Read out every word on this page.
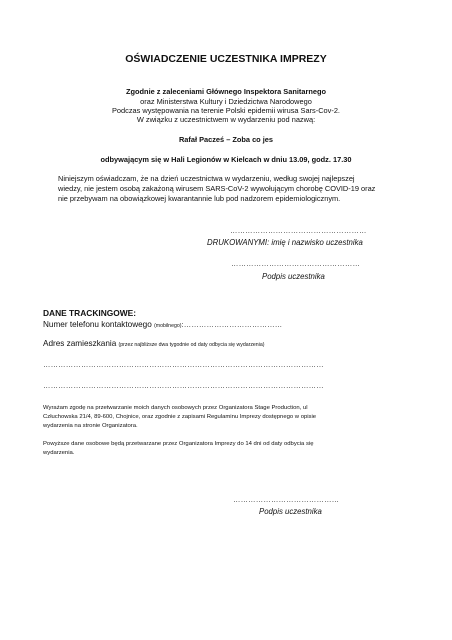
OŚWIADCZENIE UCZESTNIKA IMPREZY
Zgodnie z zaleceniami Głównego Inspektora Sanitarnego
oraz Ministerstwa Kultury i Dziedzictwa Narodowego
Podczas występowania na terenie Polski epidemii wirusa Sars-Cov-2.
W związku z uczestnictwem w wydarzeniu pod nazwą:
Rafał Pacześ – Zoba co jes
odbywającym się w Hali Legionów w Kielcach w dniu 13.09, godz. 17.30
Niniejszym oświadczam, że na dzień uczestnictwa w wydarzeniu, według swojej najlepszej
wiedzy, nie jestem osobą zakażoną wirusem SARS-CoV-2 wywołującym chorobę COVID-19 oraz
nie przebywam na obowiązkowej kwarantannie lub pod nadzorem epidemiologicznym.
………………………………………………
DRUKOWANYMI: imię i nazwisko uczestnika
……………………………………………
Podpis uczestnika
DANE TRACKINGOWE:
Numer telefonu kontaktowego (mobilnego):…………………………………
Adres zamieszkania (przez najbliższe dwa tygodnie od daty odbycia się wydarzenia)
…………………………………………………………………………………………………
…………………………………………………………………………………………………
Wyrażam zgodę na przetwarzanie moich danych osobowych przez Organizatora Stage Production, ul
Człuchowska 21/4, 89-600, Chojnice, oraz zgodnie z zapisami Regulaminu Imprezy dostępnego w opisie
wydarzenia na stronie Organizatora.
Powyższe dane osobowe będą przetwarzane przez Organizatora Imprezy do 14 dni od daty odbycia się
wydarzenia.
……………………………………
Podpis uczestnika
